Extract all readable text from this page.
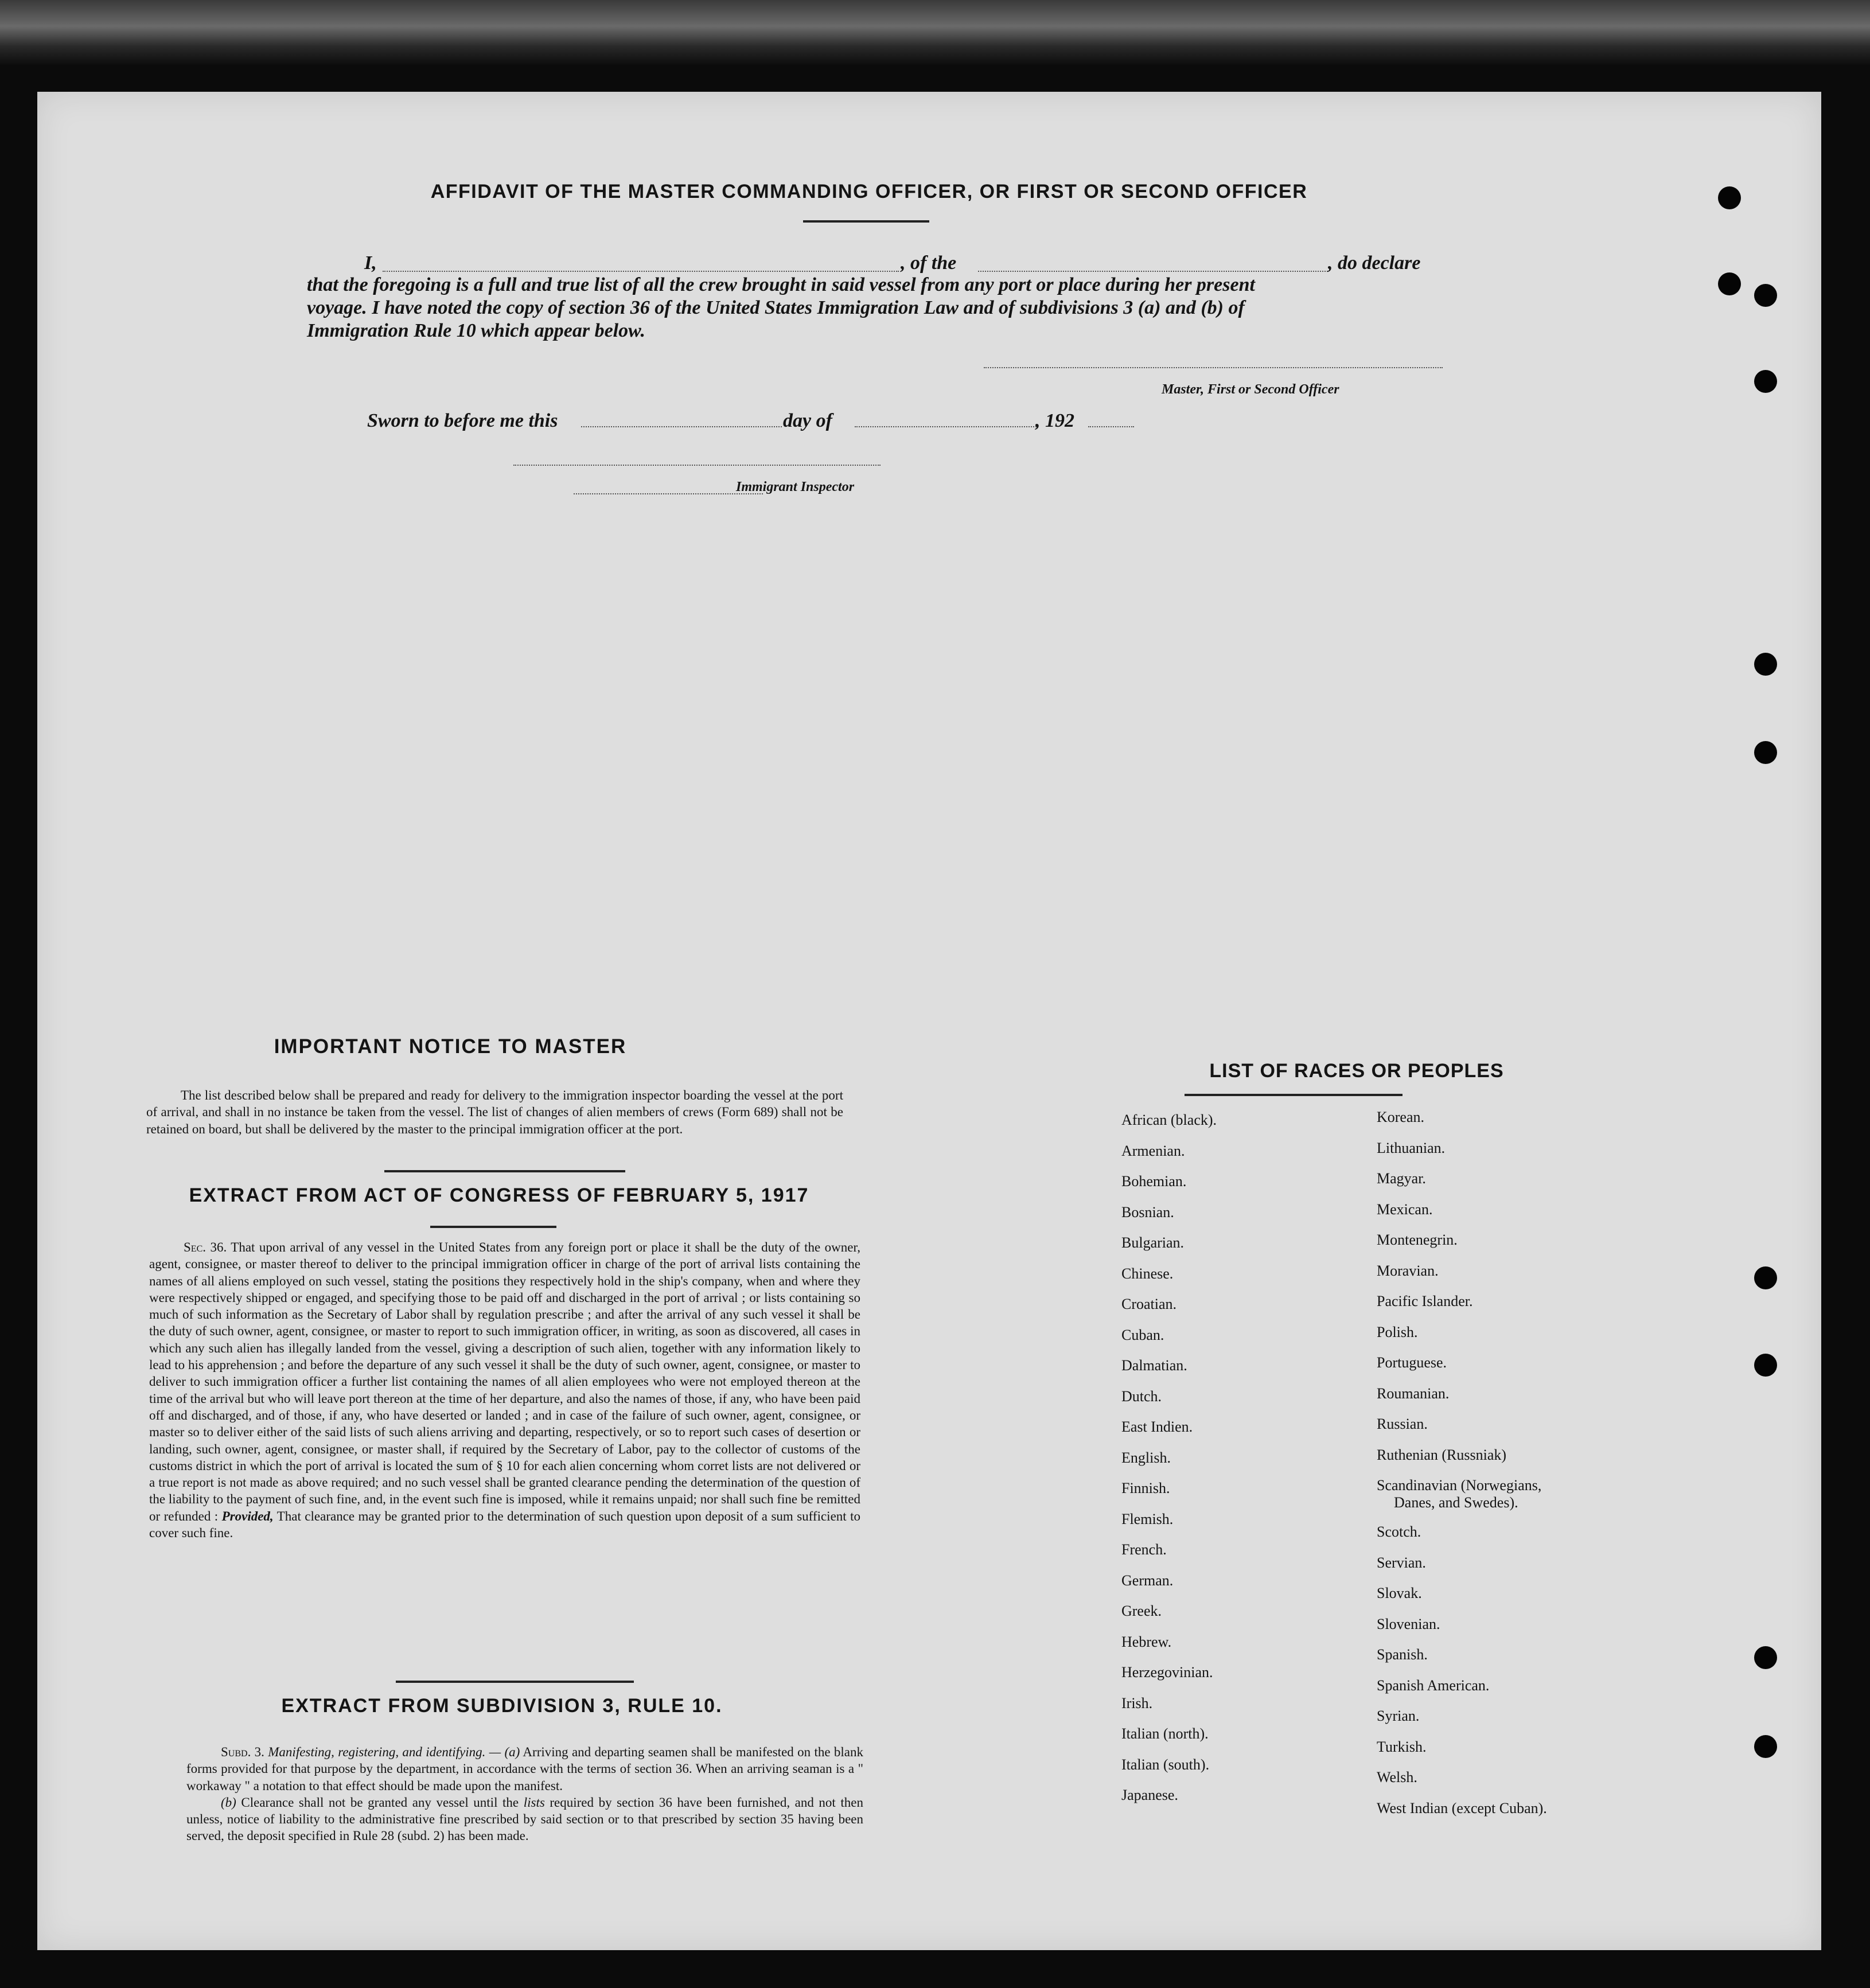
AFFIDAVIT OF THE MASTER COMMANDING OFFICER, OR FIRST OR SECOND OFFICER
I,	, of the	, do declare
that the foregoing is a full and true list of all the crew brought in said vessel from any port or place during her present
voyage. I have noted the copy of section 36 of the United States Immigration Law and of subdivisions 3 (a) and (b) of
Immigration Rule 10 which appear below.
Master, First or Second Officer
Sworn to before me this	day of	, 192
Immigrant Inspector
IMPORTANT NOTICE TO MASTER

The list described below shall be prepared and ready for delivery to the immigration inspector boarding the vessel at the port of arrival, and shall in no instance be taken from the vessel. The list of changes of alien members of crews (Form 689) shall not be retained on board, but shall be delivered by the master to the principal immigration officer at the port.

EXTRACT FROM ACT OF CONGRESS OF FEBRUARY 5, 1917

Sec. 36. That upon arrival of any vessel in the United States from any foreign port or place it shall be the duty of the owner, agent, consignee, or master thereof to deliver to the principal immigration officer in charge of the port of arrival lists containing the names of all aliens employed on such vessel, stating the positions they respectively hold in the ship's company, when and where they were respectively shipped or engaged, and specifying those to be paid off and discharged in the port of arrival ; or lists containing so much of such information as the Secretary of Labor shall by regulation prescribe ; and after the arrival of any such vessel it shall be the duty of such owner, agent, consignee, or master to report to such immigration officer, in writing, as soon as discovered, all cases in which any such alien has illegally landed from the vessel, giving a description of such alien, together with any information likely to lead to his apprehension ; and before the departure of any such vessel it shall be the duty of such owner, agent, consignee, or master to deliver to such immigration officer a further list containing the names of all alien employees who were not employed thereon at the time of the arrival but who will leave port thereon at the time of her departure, and also the names of those, if any, who have been paid off and discharged, and of those, if any, who have deserted or landed ; and in case of the failure of such owner, agent, consignee, or master so to deliver either of the said lists of such aliens arriving and departing, respectively, or so to report such cases of desertion or landing, such owner, agent, consignee, or master shall, if required by the Secretary of Labor, pay to the collector of customs of the customs district in which the port of arrival is located the sum of § 10 for each alien concerning whom corret lists are not delivered or a true report is not made as above required; and no such vessel shall be granted clearance pending the determination of the question of the liability to the payment of such fine, and, in the event such fine is imposed, while it remains unpaid; nor shall such fine be remitted or refunded : Provided, That clearance may be granted prior to the determination of such question upon deposit of a sum sufficient to cover such fine.

EXTRACT FROM SUBDIVISION 3, RULE 10.

Subd. 3. Manifesting, registering, and identifying. — (a) Arriving and departing seamen shall be manifested on the blank forms provided for that purpose by the department, in accordance with the terms of section 36. When an arriving seaman is a " workaway " a notation to that effect should be made upon the manifest.

(b) Clearance shall not be granted any vessel until the lists required by section 36 have been furnished, and not then unless, notice of liability to the administrative fine prescribed by said section or to that prescribed by section 35 having been served, the deposit specified in Rule 28 (subd. 2) has been made.

LIST OF RACES OR PEOPLES
African (black).
Armenian.
Bohemian.
Bosnian.
Bulgarian.
Chinese.
Croatian.
Cuban.
Dalmatian.
Dutch.
East Indien.
English.
Finnish.
Flemish.
French.
German.
Greek.
Hebrew.
Herzegovinian.
Irish.
Italian (north).
Italian (south).
Japanese.
Korean.
Lithuanian.
Magyar.
Mexican.
Montenegrin.
Moravian.
Pacific Islander.
Polish.
Portuguese.
Roumanian.
Russian.
Ruthenian (Russniak)
Scandinavian (Norwegians,
Danes, and Swedes).
Scotch.
Servian.
Slovak.
Slovenian.
Spanish.
Spanish American.
Syrian.
Turkish.
Welsh.
West Indian (except Cuban).
